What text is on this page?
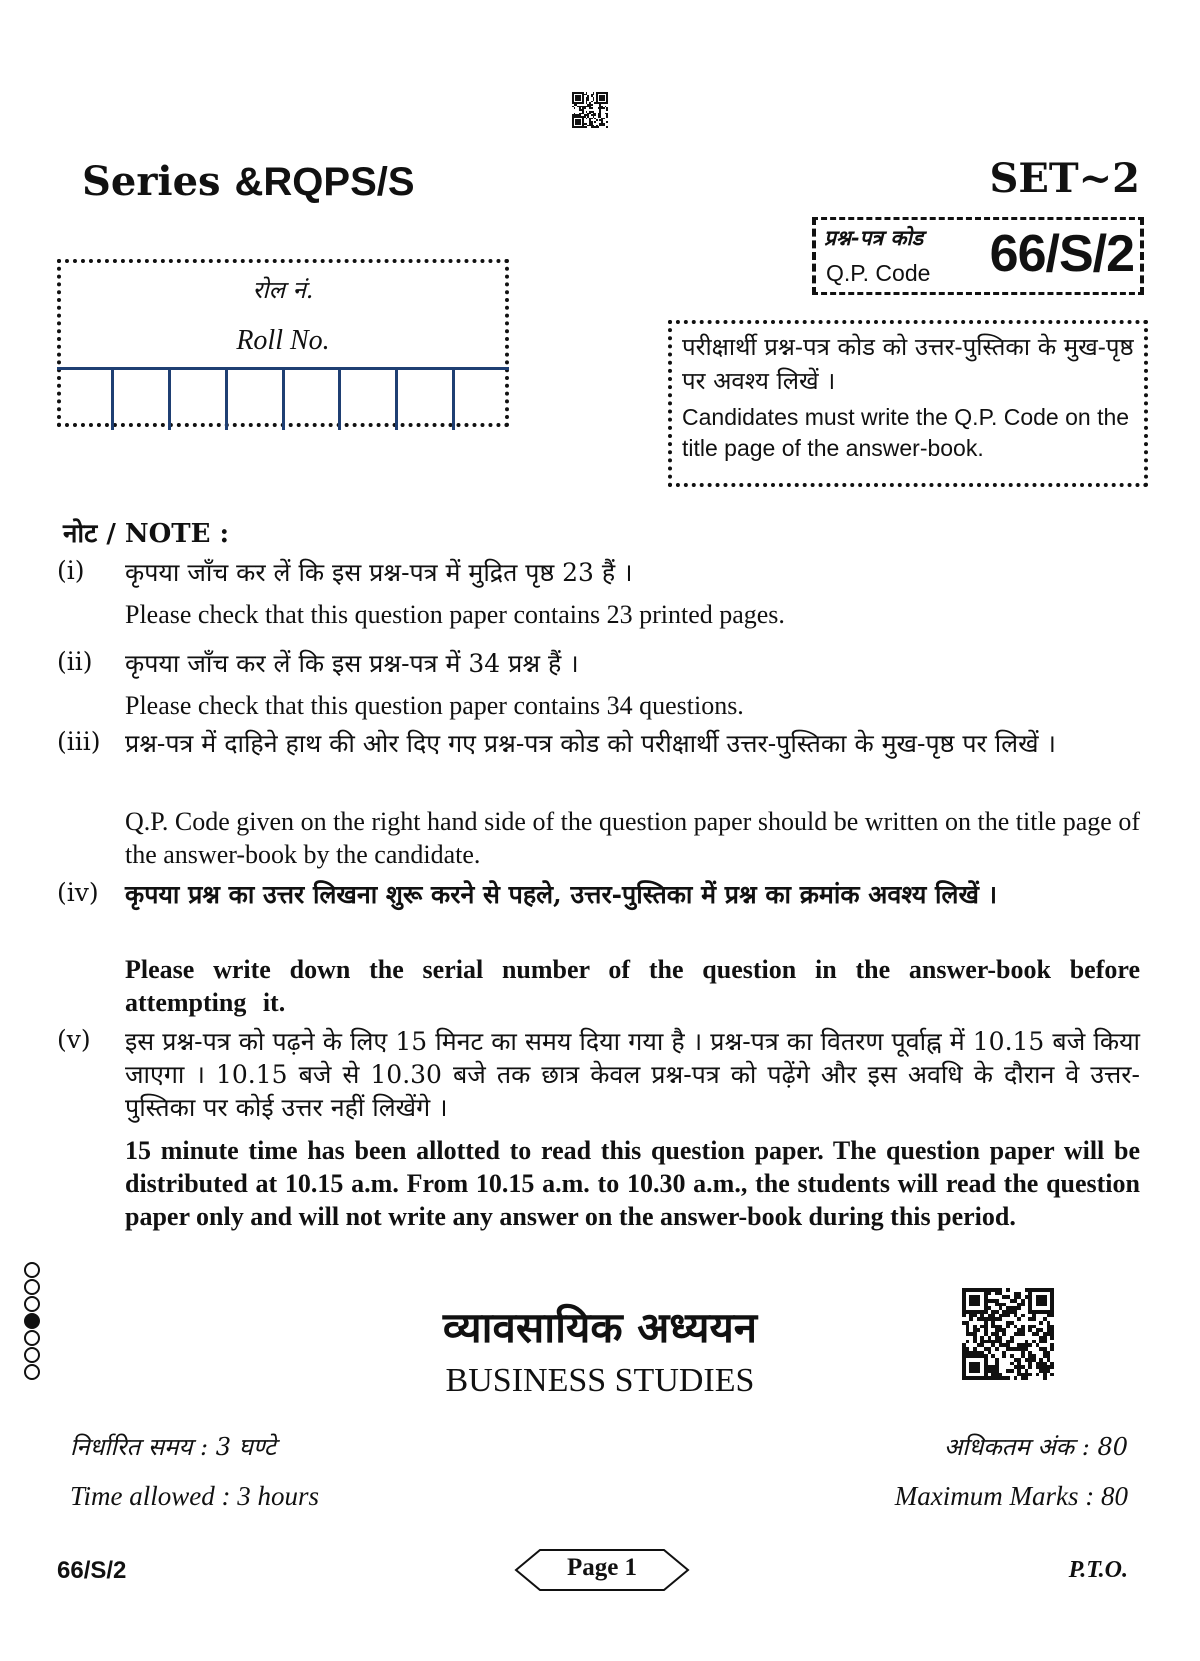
Series &RQPS/S	SET~2
प्रश्न-पत्र कोड
Q.P. Code 66/S/2
रोल नं.
Roll No.	परीक्षार्थी प्रश्न-पत्र कोड को उत्तर-पुस्तिका के मुख-पृष्ठ पर अवश्य लिखें ।
Candidates must write the Q.P. Code on the title page of the answer-book.
नोट / NOTE :
(i) कृपया जाँच कर लें कि इस प्रश्न-पत्र में मुद्रित पृष्ठ 23 हैं ।
Please check that this question paper contains 23 printed pages.
(ii) कृपया जाँच कर लें कि इस प्रश्न-पत्र में 34 प्रश्न हैं ।
Please check that this question paper contains 34 questions.
(iii) प्रश्न-पत्र में दाहिने हाथ की ओर दिए गए प्रश्न-पत्र कोड को परीक्षार्थी उत्तर-पुस्तिका के मुख-पृष्ठ पर लिखें ।
Q.P. Code given on the right hand side of the question paper should be written on the title page of the answer-book by the candidate.
(iv) कृपया प्रश्न का उत्तर लिखना शुरू करने से पहले, उत्तर-पुस्तिका में प्रश्न का क्रमांक अवश्य लिखें ।
Please write down the serial number of the question in the answer-book before attempting it.
(v) इस प्रश्न-पत्र को पढ़ने के लिए 15 मिनट का समय दिया गया है । प्रश्न-पत्र का वितरण पूर्वाह्न में 10.15 बजे किया जाएगा । 10.15 बजे से 10.30 बजे तक छात्र केवल प्रश्न-पत्र को पढ़ेंगे और इस अवधि के दौरान वे उत्तर-पुस्तिका पर कोई उत्तर नहीं लिखेंगे ।
15 minute time has been allotted to read this question paper. The question paper will be distributed at 10.15 a.m. From 10.15 a.m. to 10.30 a.m., the students will read the question paper only and will not write any answer on the answer-book during this period.
व्यावसायिक अध्ययन
BUSINESS STUDIES
निर्धारित समय : 3 घण्टे
Time allowed : 3 hours
अधिकतम अंक : 80
Maximum Marks : 80
66/S/2	Page 1	P.T.O.
